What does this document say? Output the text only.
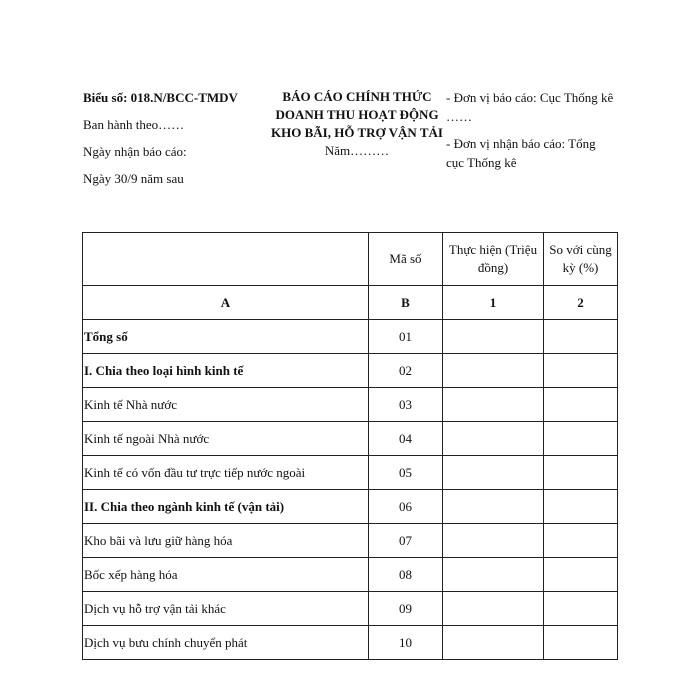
Biểu số: 018.N/BCC-TMDV
Ban hành theo……
Ngày nhận báo cáo:
Ngày 30/9 năm sau
BÁO CÁO CHÍNH THỨC
DOANH THU HOẠT ĐỘNG
KHO BÃI, HỖ TRỢ VẬN TẢI
Năm………
- Đơn vị báo cáo: Cục Thống kê ……
- Đơn vị nhận báo cáo: Tổng cục Thống kê
	Mã số	Thực hiện (Triệu đồng)	So với cùng kỳ (%)
A	B	1	2
Tổng số	01		
I. Chia theo loại hình kinh tế	02		
Kinh tế Nhà nước	03		
Kinh tế ngoài Nhà nước	04		
Kinh tế có vốn đầu tư trực tiếp nước ngoài	05		
II. Chia theo ngành kinh tế (vận tải)	06		
Kho bãi và lưu giữ hàng hóa	07		
Bốc xếp hàng hóa	08		
Dịch vụ hỗ trợ vận tải khác	09		
Dịch vụ bưu chính chuyển phát	10		
